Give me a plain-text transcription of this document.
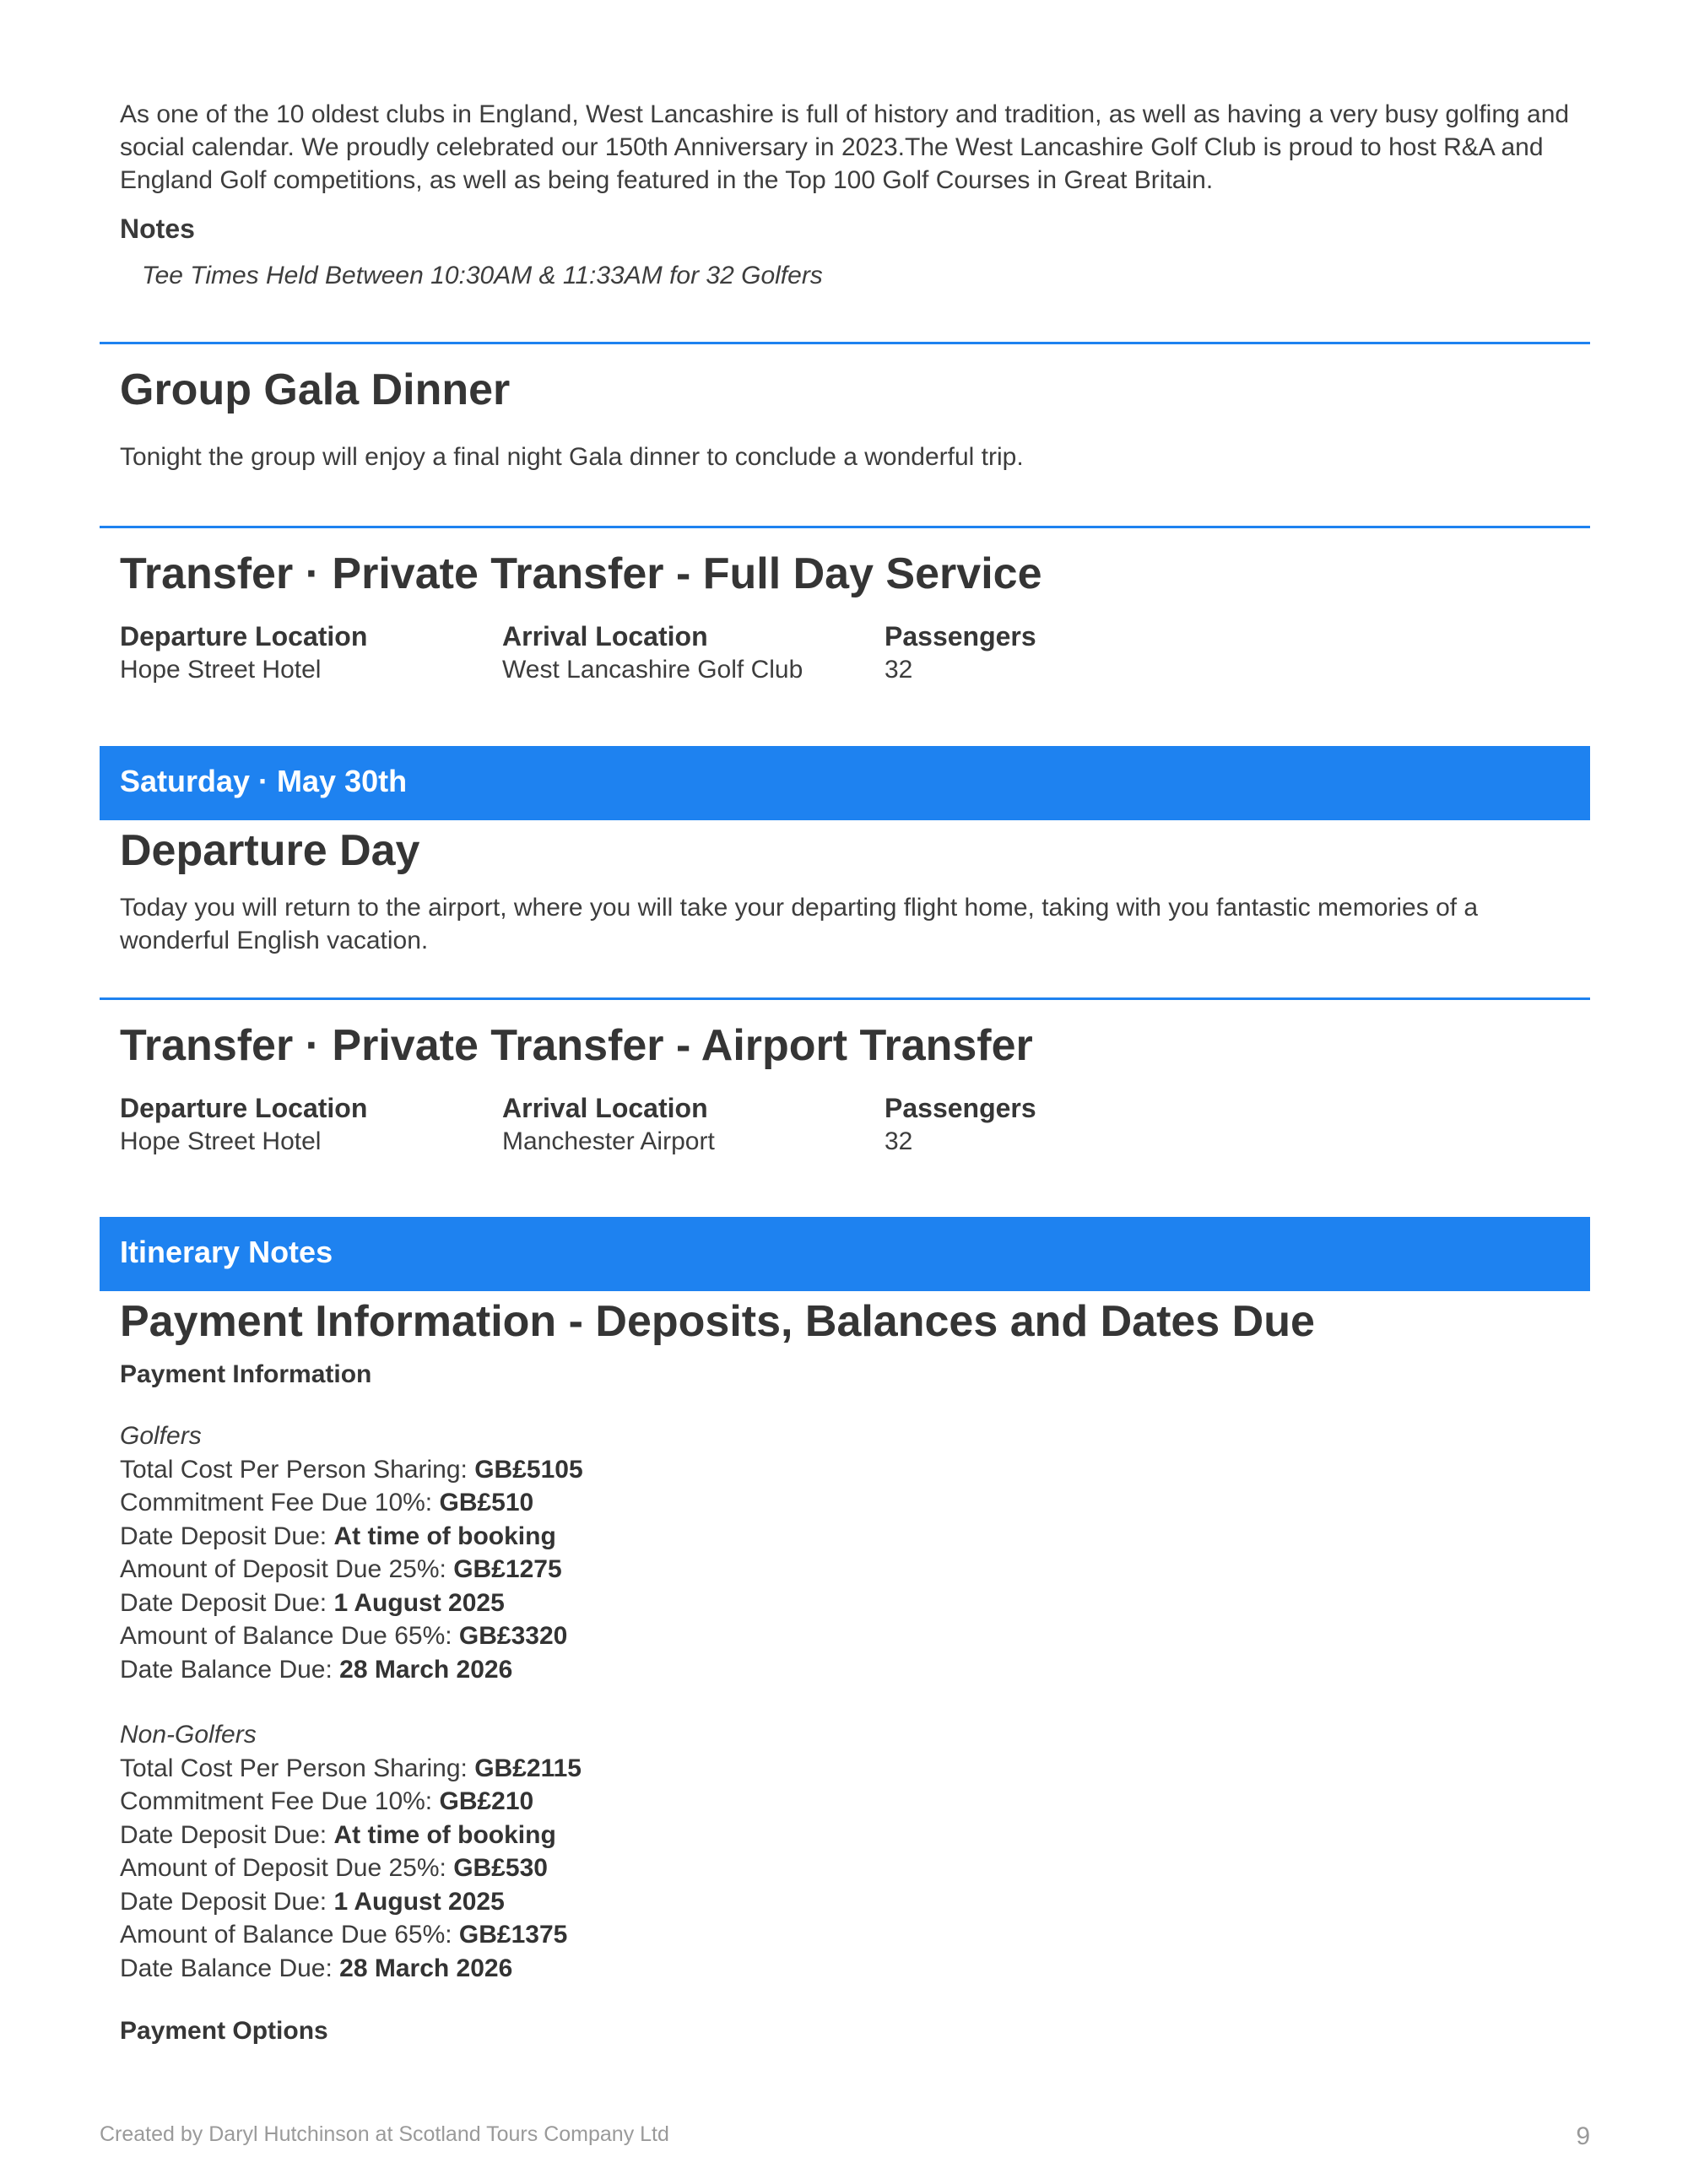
As one of the 10 oldest clubs in England, West Lancashire is full of history and tradition, as well as having a very busy golfing and social calendar. We proudly celebrated our 150th Anniversary in 2023.The West Lancashire Golf Club is proud to host R&A and England Golf competitions, as well as being featured in the Top 100 Golf Courses in Great Britain.

Notes
Tee Times Held Between 10:30AM & 11:33AM for 32 Golfers
Group Gala Dinner

Tonight the group will enjoy a final night Gala dinner to conclude a wonderful trip.

Transfer · Private Transfer - Full Day Service
Departure Location
Hope Street Hotel
Arrival Location
West Lancashire Golf Club
Passengers
32
Saturday · May 30th
Departure Day

Today you will return to the airport, where you will take your departing flight home, taking with you fantastic memories of a wonderful English vacation.

Transfer · Private Transfer - Airport Transfer
Departure Location
Hope Street Hotel
Arrival Location
Manchester Airport
Passengers
32
Itinerary Notes
Payment Information - Deposits, Balances and Dates Due
Payment Information
Golfers
Total Cost Per Person Sharing: GB£5105
Commitment Fee Due 10%: GB£510
Date Deposit Due: At time of booking
Amount of Deposit Due 25%: GB£1275
Date Deposit Due: 1 August 2025
Amount of Balance Due 65%: GB£3320
Date Balance Due: 28 March 2026
Non-Golfers
Total Cost Per Person Sharing: GB£2115
Commitment Fee Due 10%: GB£210
Date Deposit Due: At time of booking
Amount of Deposit Due 25%: GB£530
Date Deposit Due: 1 August 2025
Amount of Balance Due 65%: GB£1375
Date Balance Due: 28 March 2026
Payment Options
Created by Daryl Hutchinson at Scotland Tours Company Ltd	9
